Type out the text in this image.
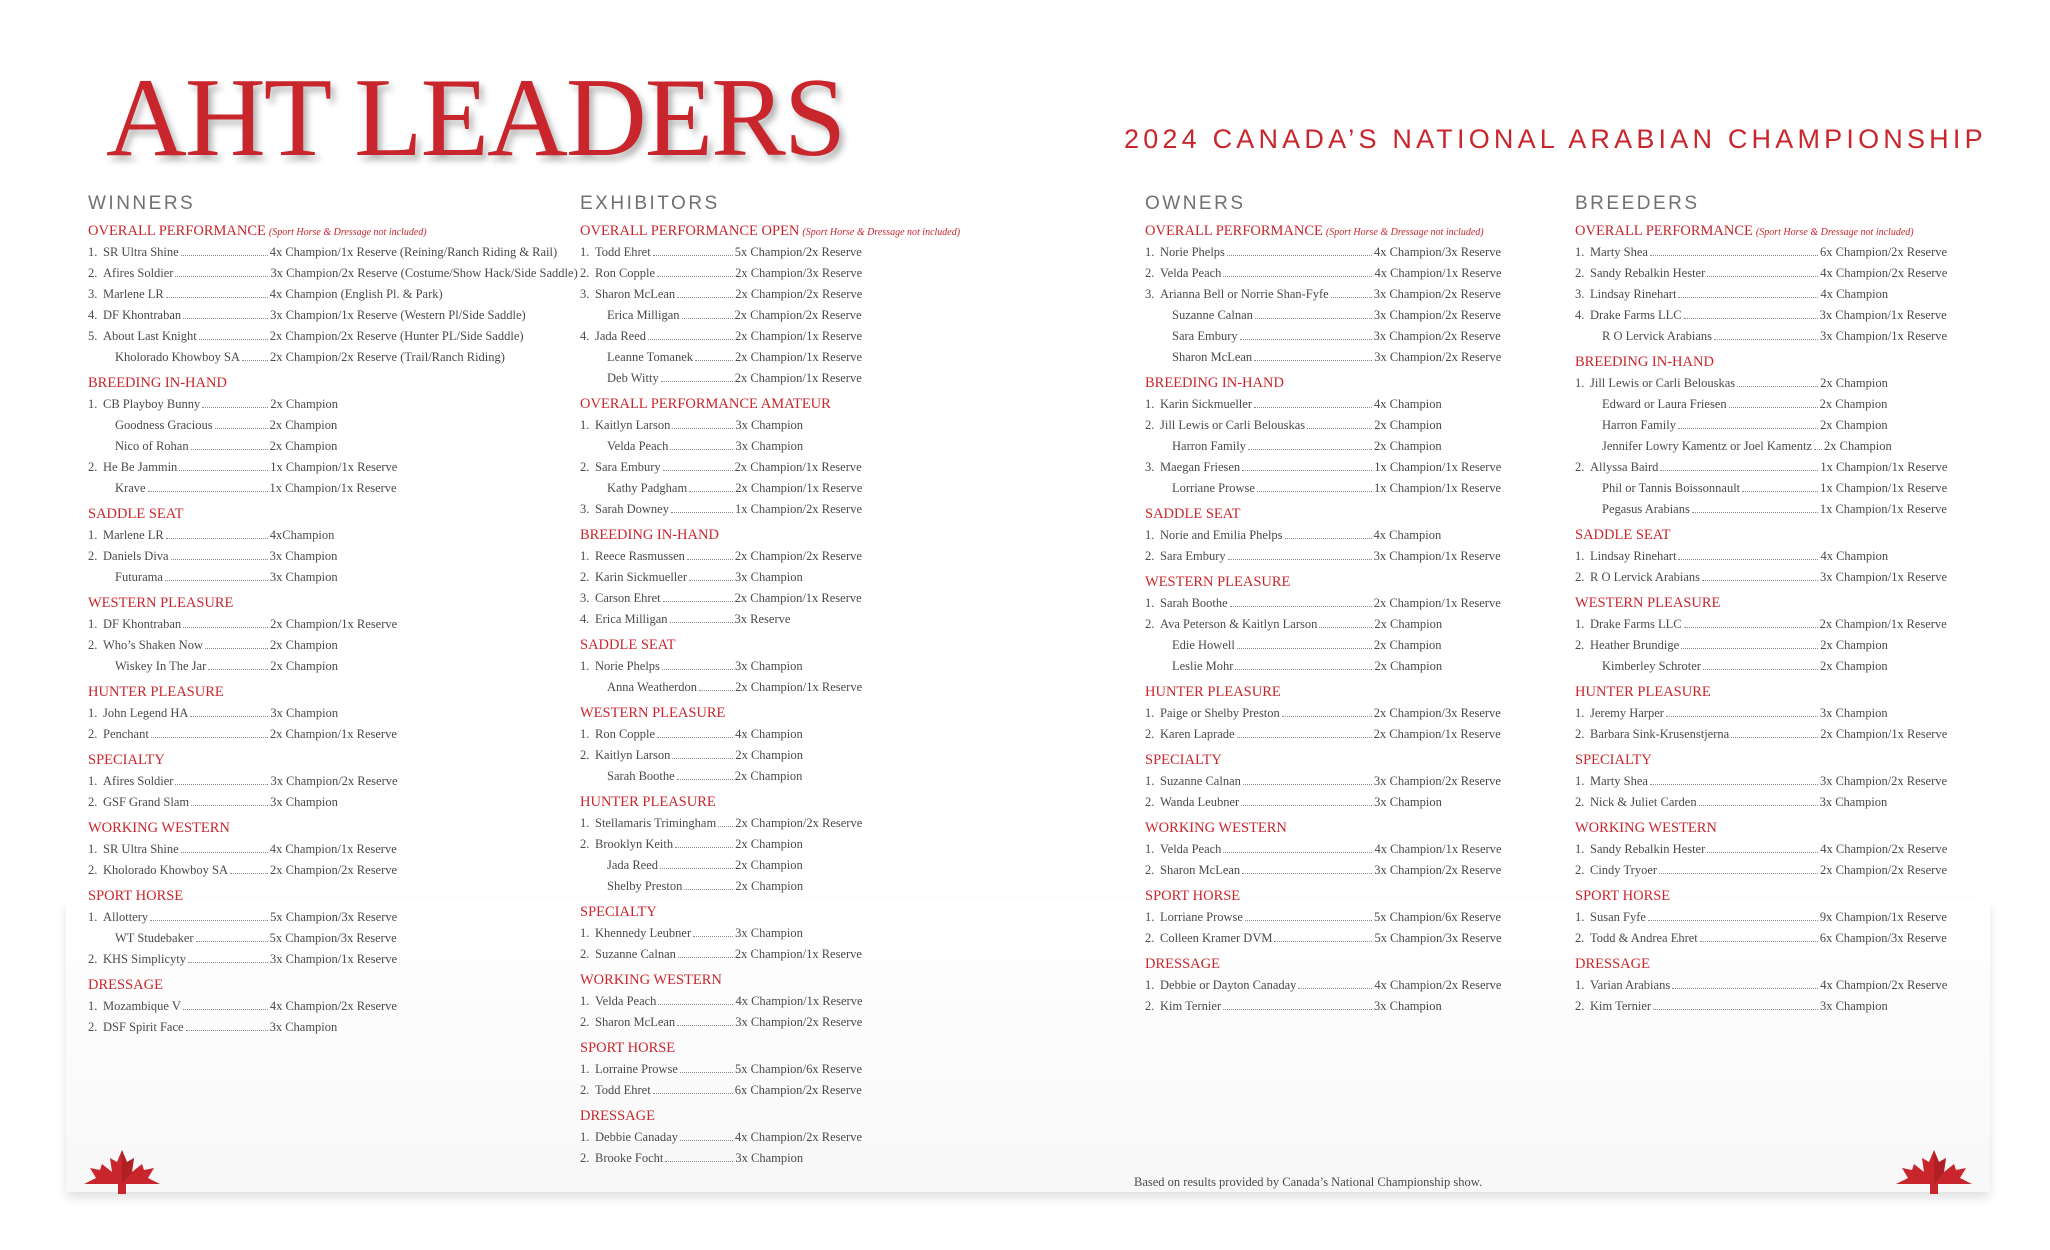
AHT LEADERS	2024 CANADA’S NATIONAL ARABIAN CHAMPIONSHIP
WINNERS
OVERALL PERFORMANCE (Sport Horse & Dressage not included)
1. SR Ultra Shine	4x Champion/1x Reserve (Reining/Ranch Riding & Rail)
2. Afires Soldier	3x Champion/2x Reserve (Costume/Show Hack/Side Saddle)
3. Marlene LR	4x Champion (English Pl. & Park)
4. DF Khontraban	3x Champion/1x Reserve (Western Pl/Side Saddle)
5. About Last Knight	2x Champion/2x Reserve (Hunter PL/Side Saddle)
Kholorado Khowboy SA 2x Champion/2x Reserve (Trail/Ranch Riding)
BREEDING IN-HAND
1. CB Playboy Bunny	2x Champion
Goodness Gracious	2x Champion
Nico of Rohan	2x Champion
2. He Be Jammin	1x Champion/1x Reserve
Krave	1x Champion/1x Reserve
SADDLE SEAT
1. Marlene LR	4xChampion
2. Daniels Diva	3x Champion
Futurama	3x Champion
WESTERN PLEASURE
1. DF Khontraban	2x Champion/1x Reserve
2. Who’s Shaken Now	2x Champion
Wiskey In The Jar	2x Champion
HUNTER PLEASURE
1. John Legend HA	3x Champion
2. Penchant	2x Champion/1x Reserve
SPECIALTY
1. Afires Soldier	3x Champion/2x Reserve
2. GSF Grand Slam	3x Champion
WORKING WESTERN
1. SR Ultra Shine	4x Champion/1x Reserve
2. Kholorado Khowboy SA	2x Champion/2x Reserve
SPORT HORSE
1. Allottery	5x Champion/3x Reserve
WT Studebaker	5x Champion/3x Reserve
2. KHS Simplicyty	3x Champion/1x Reserve
DRESSAGE
1. Mozambique V	4x Champion/2x Reserve
2. DSF Spirit Face	3x Champion
EXHIBITORS
OVERALL PERFORMANCE OPEN (Sport Horse & Dressage not included)
1. Todd Ehret	5x Champion/2x Reserve
2. Ron Copple	2x Champion/3x Reserve
3. Sharon McLean	2x Champion/2x Reserve
Erica Milligan	2x Champion/2x Reserve
4. Jada Reed	2x Champion/1x Reserve
Leanne Tomanek	2x Champion/1x Reserve
Deb Witty	2x Champion/1x Reserve
OVERALL PERFORMANCE AMATEUR
1. Kaitlyn Larson	3x Champion
Velda Peach	3x Champion
2. Sara Embury	2x Champion/1x Reserve
Kathy Padgham	2x Champion/1x Reserve
3. Sarah Downey	1x Champion/2x Reserve
BREEDING IN-HAND
1. Reece Rasmussen	2x Champion/2x Reserve
2. Karin Sickmueller	3x Champion
3. Carson Ehret	2x Champion/1x Reserve
4. Erica Milligan	3x Reserve
SADDLE SEAT
1. Norie Phelps	3x Champion
Anna Weatherdon	2x Champion/1x Reserve
WESTERN PLEASURE
1. Ron Copple	4x Champion
2. Kaitlyn Larson	2x Champion
Sarah Boothe	2x Champion
HUNTER PLEASURE
1. Stellamaris Trimingham 2x Champion/2x Reserve
2. Brooklyn Keith	2x Champion
Jada Reed	2x Champion
Shelby Preston	2x Champion
SPECIALTY
1. Khennedy Leubner	3x Champion
2. Suzanne Calnan	2x Champion/1x Reserve
WORKING WESTERN
1. Velda Peach	4x Champion/1x Reserve
2. Sharon McLean	3x Champion/2x Reserve
SPORT HORSE
1. Lorraine Prowse	5x Champion/6x Reserve
2. Todd Ehret	6x Champion/2x Reserve
DRESSAGE
1. Debbie Canaday	4x Champion/2x Reserve
2. Brooke Focht	3x Champion
OWNERS
OVERALL PERFORMANCE (Sport Horse & Dressage not included)
1. Norie Phelps	4x Champion/3x Reserve
2. Velda Peach	4x Champion/1x Reserve
3. Arianna Bell or Norrie Shan-Fyfe	3x Champion/2x Reserve
Suzanne Calnan	3x Champion/2x Reserve
Sara Embury	3x Champion/2x Reserve
Sharon McLean	3x Champion/2x Reserve
BREEDING IN-HAND
1. Karin Sickmueller	4x Champion
2. Jill Lewis or Carli Belouskas	2x Champion
Harron Family	2x Champion
3. Maegan Friesen	1x Champion/1x Reserve
Lorriane Prowse	1x Champion/1x Reserve
SADDLE SEAT
1. Norie and Emilia Phelps	4x Champion
2. Sara Embury	3x Champion/1x Reserve
WESTERN PLEASURE
1. Sarah Boothe	2x Champion/1x Reserve
2. Ava Peterson & Kaitlyn Larson	2x Champion
Edie Howell	2x Champion
Leslie Mohr	2x Champion
HUNTER PLEASURE
1. Paige or Shelby Preston	2x Champion/3x Reserve
2. Karen Laprade	2x Champion/1x Reserve
SPECIALTY
1. Suzanne Calnan	3x Champion/2x Reserve
2. Wanda Leubner	3x Champion
WORKING WESTERN
1. Velda Peach	4x Champion/1x Reserve
2. Sharon McLean	3x Champion/2x Reserve
SPORT HORSE
1. Lorriane Prowse	5x Champion/6x Reserve
2. Colleen Kramer DVM	5x Champion/3x Reserve
DRESSAGE
1. Debbie or Dayton Canaday	4x Champion/2x Reserve
2. Kim Ternier	3x Champion
BREEDERS
OVERALL PERFORMANCE (Sport Horse & Dressage not included)
1. Marty Shea	6x Champion/2x Reserve
2. Sandy Rebalkin Hester	4x Champion/2x Reserve
3. Lindsay Rinehart	4x Champion
4. Drake Farms LLC	3x Champion/1x Reserve
R O Lervick Arabians	3x Champion/1x Reserve
BREEDING IN-HAND
1. Jill Lewis or Carli Belouskas	2x Champion
Edward or Laura Friesen	2x Champion
Harron Family	2x Champion
Jennifer Lowry Kamentz or Joel Kamentz 2x Champion
2. Allyssa Baird	1x Champion/1x Reserve
Phil or Tannis Boissonnault	1x Champion/1x Reserve
Pegasus Arabians	1x Champion/1x Reserve
SADDLE SEAT
1. Lindsay Rinehart	4x Champion
2. R O Lervick Arabians	3x Champion/1x Reserve
WESTERN PLEASURE
1. Drake Farms LLC	2x Champion/1x Reserve
2. Heather Brundige	2x Champion
Kimberley Schroter	2x Champion
HUNTER PLEASURE
1. Jeremy Harper	3x Champion
2. Barbara Sink-Krusenstjerna	2x Champion/1x Reserve
SPECIALTY
1. Marty Shea	3x Champion/2x Reserve
2. Nick & Juliet Carden	3x Champion
WORKING WESTERN
1. Sandy Rebalkin Hester	4x Champion/2x Reserve
2. Cindy Tryoer	2x Champion/2x Reserve
SPORT HORSE
1. Susan Fyfe	9x Champion/1x Reserve
2. Todd & Andrea Ehret	6x Champion/3x Reserve
DRESSAGE
1. Varian Arabians	4x Champion/2x Reserve
2. Kim Ternier	3x Champion
Based on results provided by Canada’s National Championship show.
